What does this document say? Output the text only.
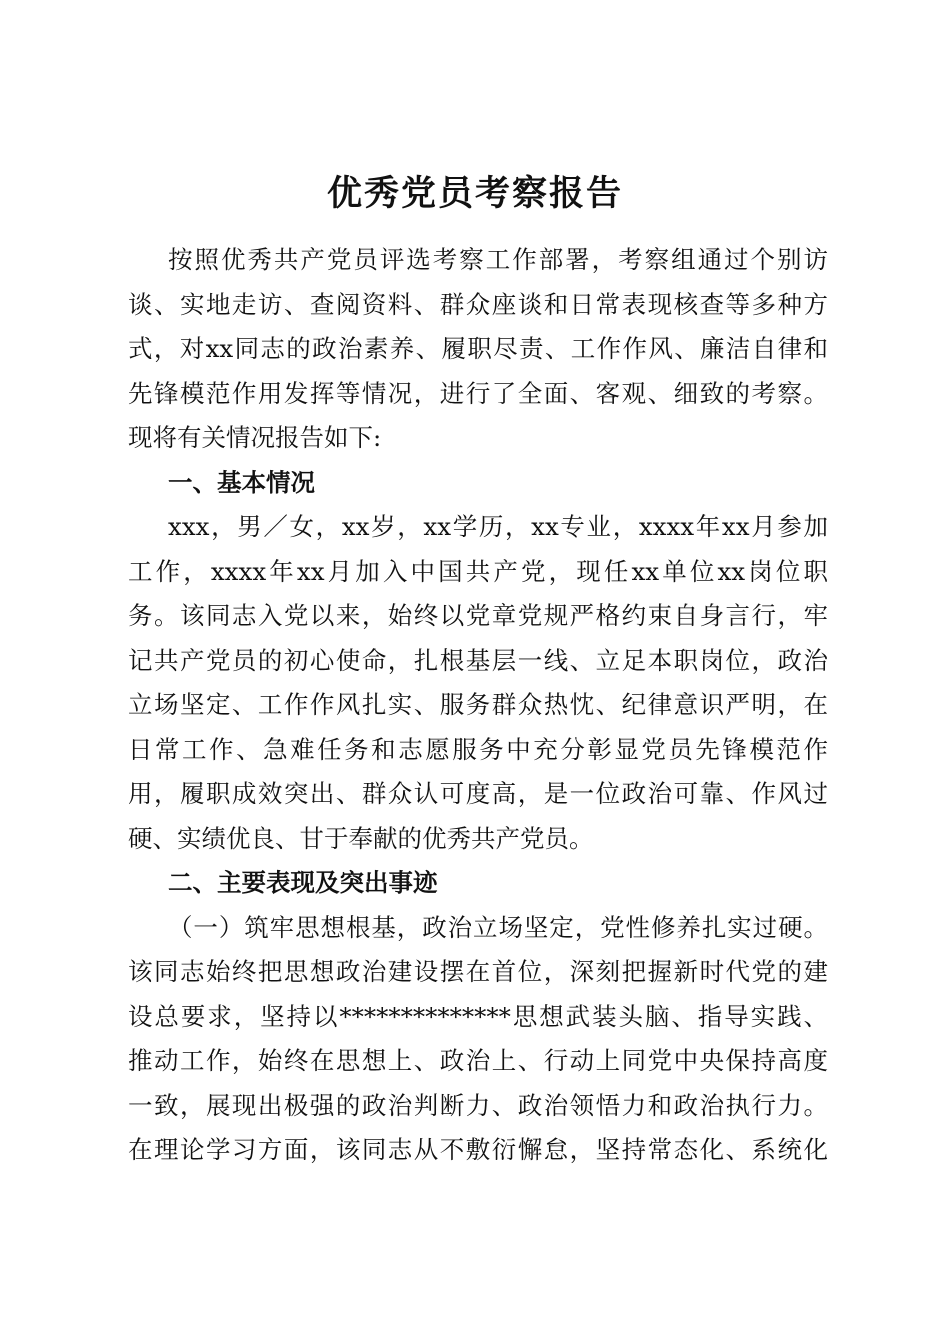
优秀党员考察报告
按照优秀共产党员评选考察工作部署，考察组通过个别访
谈、实地走访、查阅资料、群众座谈和日常表现核查等多种方
式，对xx同志的政治素养、履职尽责、工作作风、廉洁自律和
先锋模范作用发挥等情况，进行了全面、客观、细致的考察。
现将有关情况报告如下:
一、基本情况
xxx，男／女，xx岁，xx学历，xx专业，xxxx年xx月参加
工作，xxxx年xx月加入中国共产党，现任xx单位xx岗位职
务。该同志入党以来，始终以党章党规严格约束自身言行，牢
记共产党员的初心使命，扎根基层一线、立足本职岗位，政治
立场坚定、工作作风扎实、服务群众热忱、纪律意识严明，在
日常工作、急难任务和志愿服务中充分彰显党员先锋模范作
用，履职成效突出、群众认可度高，是一位政治可靠、作风过
硬、实绩优良、甘于奉献的优秀共产党员。
二、主要表现及突出事迹
（一）筑牢思想根基，政治立场坚定，党性修养扎实过硬。
该同志始终把思想政治建设摆在首位，深刻把握新时代党的建
设总要求，坚持以**************思想武装头脑、指导实践、
推动工作，始终在思想上、政治上、行动上同党中央保持高度
一致，展现出极强的政治判断力、政治领悟力和政治执行力。
在理论学习方面，该同志从不敷衍懈怠，坚持常态化、系统化
